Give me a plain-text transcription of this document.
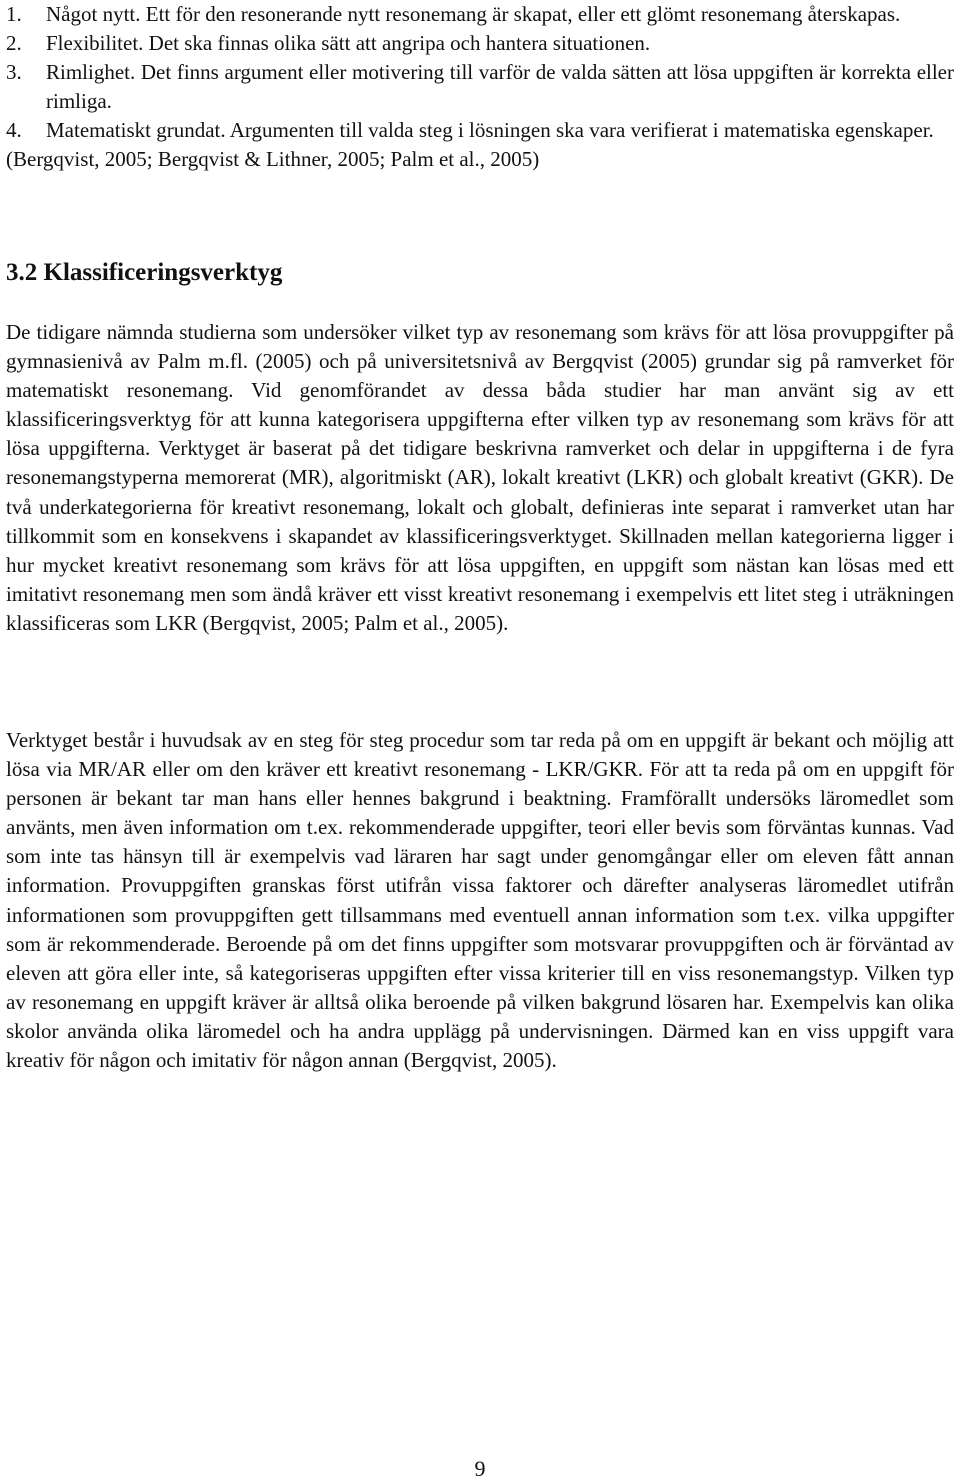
1. Något nytt. Ett för den resonerande nytt resonemang är skapat, eller ett glömt resonemang återskapas.
2. Flexibilitet. Det ska finnas olika sätt att angripa och hantera situationen.
3. Rimlighet. Det finns argument eller motivering till varför de valda sätten att lösa uppgiften är korrekta eller rimliga.
4. Matematiskt grundat. Argumenten till valda steg i lösningen ska vara verifierat i matematiska egenskaper.

(Bergqvist, 2005; Bergqvist & Lithner, 2005; Palm et al., 2005)

3.2 Klassificeringsverktyg

De tidigare nämnda studierna som undersöker vilket typ av resonemang som krävs för att lösa provuppgifter på gymnasienivå av Palm m.fl. (2005) och på universitetsnivå av Bergqvist (2005) grundar sig på ramverket för matematiskt resonemang. Vid genomförandet av dessa båda studier har man använt sig av ett klassificeringsverktyg för att kunna kategorisera uppgifterna efter vilken typ av resonemang som krävs för att lösa uppgifterna. Verktyget är baserat på det tidigare beskrivna ramverket och delar in uppgifterna i de fyra resonemangstyperna memorerat (MR), algoritmiskt (AR), lokalt kreativt (LKR) och globalt kreativt (GKR). De två underkategorierna för kreativt resonemang, lokalt och globalt, definieras inte separat i ramverket utan har tillkommit som en konsekvens i skapandet av klassificeringsverktyget. Skillnaden mellan kategorierna ligger i hur mycket kreativt resonemang som krävs för att lösa uppgiften, en uppgift som nästan kan lösas med ett imitativt resonemang men som ändå kräver ett visst kreativt resonemang i exempelvis ett litet steg i uträkningen klassificeras som LKR (Bergqvist, 2005; Palm et al., 2005).

Verktyget består i huvudsak av en steg för steg procedur som tar reda på om en uppgift är bekant och möjlig att lösa via MR/AR eller om den kräver ett kreativt resonemang - LKR/GKR. För att ta reda på om en uppgift för personen är bekant tar man hans eller hennes bakgrund i beaktning. Framförallt undersöks läromedlet som använts, men även information om t.ex. rekommenderade uppgifter, teori eller bevis som förväntas kunnas. Vad som inte tas hänsyn till är exempelvis vad läraren har sagt under genomgångar eller om eleven fått annan information. Provuppgiften granskas först utifrån vissa faktorer och därefter analyseras läromedlet utifrån informationen som provuppgiften gett tillsammans med eventuell annan information som t.ex. vilka uppgifter som är rekommenderade. Beroende på om det finns uppgifter som motsvarar provuppgiften och är förväntad av eleven att göra eller inte, så kategoriseras uppgiften efter vissa kriterier till en viss resonemangstyp. Vilken typ av resonemang en uppgift kräver är alltså olika beroende på vilken bakgrund lösaren har. Exempelvis kan olika skolor använda olika läromedel och ha andra upplägg på undervisningen. Därmed kan en viss uppgift vara kreativ för någon och imitativ för någon annan (Bergqvist, 2005).

9
